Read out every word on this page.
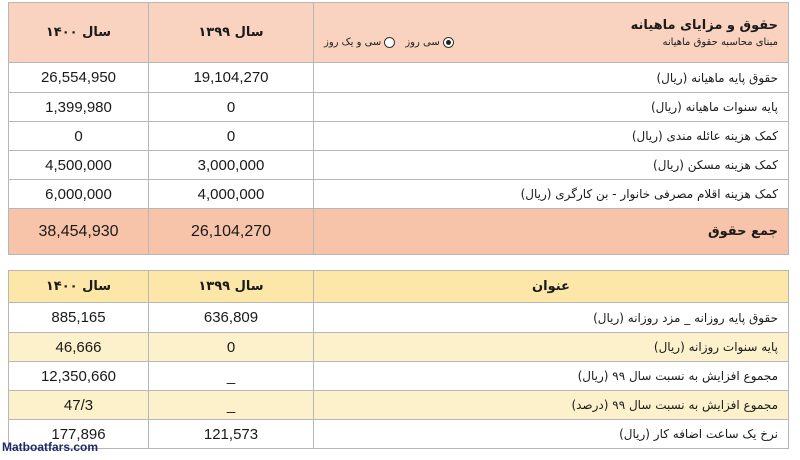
سال ۱۴۰۰	سال ۱۳۹۹	حقوق و مزایای ماهیانه
مبنای محاسبه حقوق ماهیانه
سی روز
سی و یک روز

26,554,950	19,104,270	حقوق پایه ماهیانه (ریال)
1,399,980	0	پایه سنوات ماهیانه (ریال)
0	0	کمک هزینه عائله مندی (ریال)
4,500,000	3,000,000	کمک هزینه مسکن (ریال)
6,000,000	4,000,000	کمک هزینه اقلام مصرفی خانوار - بن کارگری (ریال)
38,454,930	26,104,270	جمع حقوق
سال ۱۴۰۰	سال ۱۳۹۹	عنوان
885,165	636,809	حقوق پایه روزانه _ مزد روزانه (ریال)
46,666	0	پایه سنوات روزانه (ریال)
12,350,660	_	مجموع افزایش به نسبت سال ۹۹ (ریال)
47/3	_	مجموع افزایش به نسبت سال ۹۹ (درصد)
177,896	121,573	نرخ یک ساعت اضافه کار (ریال)
Matboatfars.com
